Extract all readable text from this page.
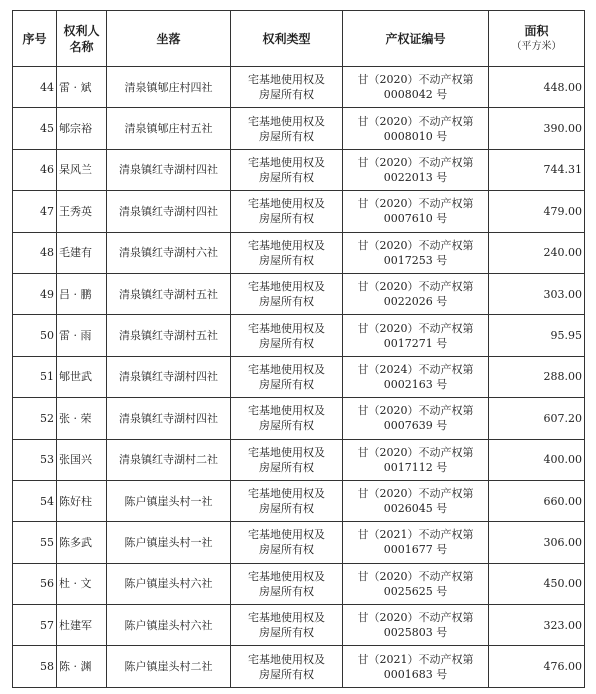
序号	权利人名称	坐落	权利类型	产权证编号	面积
（平方米）

44	雷 · 斌	清泉镇郇庄村四社	宅基地使用权及
房屋所有权	甘（2020）不动产权第
0008042 号	448.00
45	郇宗裕	清泉镇郇庄村五社	宅基地使用权及
房屋所有权	甘（2020）不动产权第
0008010 号	390.00
46	杲风兰	清泉镇红寺湖村四社	宅基地使用权及
房屋所有权	甘（2020）不动产权第
0022013 号	744.31
47	王秀英	清泉镇红寺湖村四社	宅基地使用权及
房屋所有权	甘（2020）不动产权第
0007610 号	479.00
48	毛建有	清泉镇红寺湖村六社	宅基地使用权及
房屋所有权	甘（2020）不动产权第
0017253 号	240.00
49	吕 · 鹏	清泉镇红寺湖村五社	宅基地使用权及
房屋所有权	甘（2020）不动产权第
0022026 号	303.00
50	雷 · 雨	清泉镇红寺湖村五社	宅基地使用权及
房屋所有权	甘（2020）不动产权第
0017271 号	95.95
51	郇世武	清泉镇红寺湖村四社	宅基地使用权及
房屋所有权	甘（2024）不动产权第
0002163 号	288.00
52	张 · 荣	清泉镇红寺湖村四社	宅基地使用权及
房屋所有权	甘（2020）不动产权第
0007639 号	607.20
53	张国兴	清泉镇红寺湖村二社	宅基地使用权及
房屋所有权	甘（2020）不动产权第
0017112 号	400.00
54	陈好柱	陈户镇崖头村一社	宅基地使用权及
房屋所有权	甘（2020）不动产权第
0026045 号	660.00
55	陈多武	陈户镇崖头村一社	宅基地使用权及
房屋所有权	甘（2021）不动产权第
0001677 号	306.00
56	杜 · 文	陈户镇崖头村六社	宅基地使用权及
房屋所有权	甘（2020）不动产权第
0025625 号	450.00
57	杜建军	陈户镇崖头村六社	宅基地使用权及
房屋所有权	甘（2020）不动产权第
0025803 号	323.00
58	陈 · 渊	陈户镇崖头村二社	宅基地使用权及
房屋所有权	甘（2021）不动产权第
0001683 号	476.00
